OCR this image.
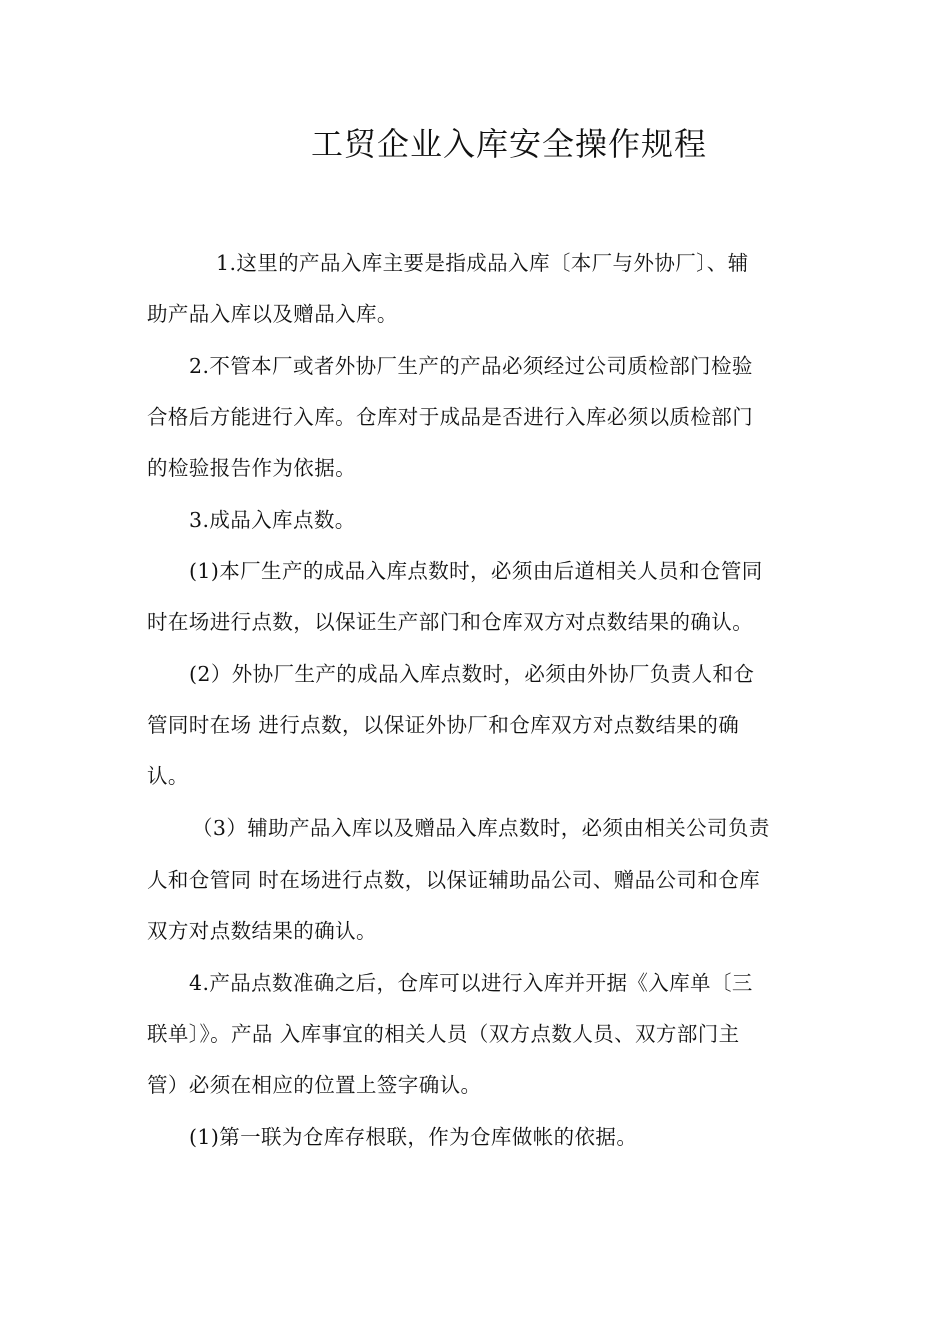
工贸企业入库安全操作规程
1.这里的产品入库主要是指成品入库〔本厂与外协厂〕、辅
助产品入库以及赠品入库。
2.不管本厂或者外协厂生产的产品必须经过公司质检部门检验
合格后方能进行入库。仓库对于成品是否进行入库必须以质检部门
的检验报告作为依据。
3.成品入库点数。
(1)本厂生产的成品入库点数时，必须由后道相关人员和仓管同
时在场进行点数，以保证生产部门和仓库双方对点数结果的确认。
(2）外协厂生产的成品入库点数时，必须由外协厂负责人和仓
管同时在场 进行点数，以保证外协厂和仓库双方对点数结果的确
认。
（3）辅助产品入库以及赠品入库点数时，必须由相关公司负责
人和仓管同 时在场进行点数，以保证辅助品公司、赠品公司和仓库
双方对点数结果的确认。
4.产品点数准确之后，仓库可以进行入库并开据《入库单〔三
联单〕》。产品 入库事宜的相关人员（双方点数人员、双方部门主
管）必须在相应的位置上签字确认。
(1)第一联为仓库存根联，作为仓库做帐的依据。
